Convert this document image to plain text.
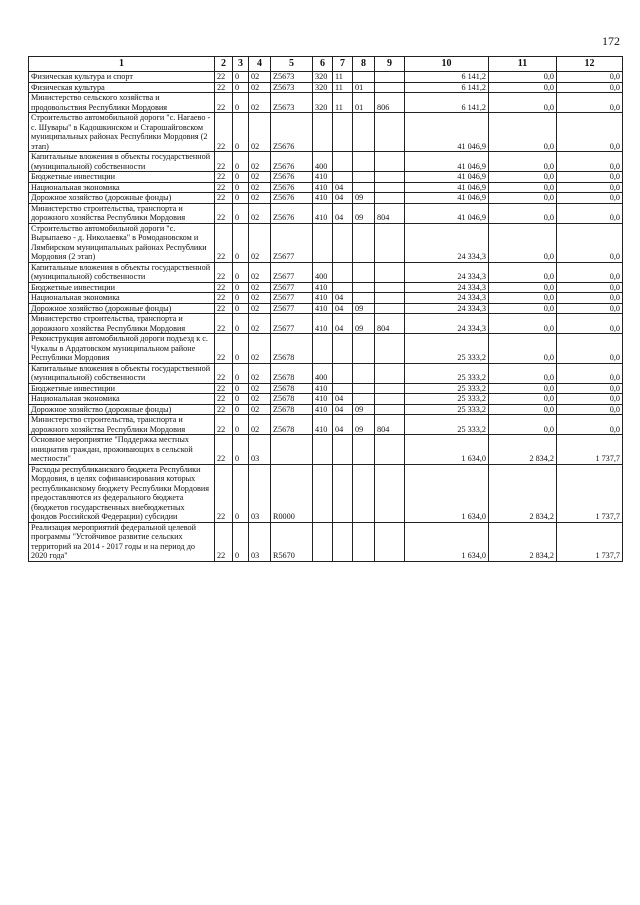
172
1	2	3	4	5	6	7	8	9	10	11	12
Физическая культура и спорт	22	0	02	Z5673	320	11			6 141,2	0,0	0,0
Физическая культура	22	0	02	Z5673	320	11	01		6 141,2	0,0	0,0
Министерство сельского хозяйства и продовольствия Республики Мордовия	22	0	02	Z5673	320	11	01	806	6 141,2	0,0	0,0
Строительство автомобильной дороги "с. Нагаево - с. Шувары" в Кадошкинском и Старошайговском муниципальных районах Республики Мордовия (2 этап)	22	0	02	Z5676					41 046,9	0,0	0,0
Капитальные вложения в объекты государственной (муниципальной) собственности	22	0	02	Z5676	400				41 046,9	0,0	0,0
Бюджетные инвестиции	22	0	02	Z5676	410				41 046,9	0,0	0,0
Национальная экономика	22	0	02	Z5676	410	04			41 046,9	0,0	0,0
Дорожное хозяйство (дорожные фонды)	22	0	02	Z5676	410	04	09		41 046,9	0,0	0,0
Министерство строительства, транспорта и дорожного хозяйства Республики Мордовия	22	0	02	Z5676	410	04	09	804	41 046,9	0,0	0,0
Строительство автомобильной дороги "с. Вырыпаево - д. Николаевка" в Ромодановском и Лямбирском муниципальных районах Республики Мордовия (2 этап)	22	0	02	Z5677					24 334,3	0,0	0,0
Капитальные вложения в объекты государственной (муниципальной) собственности	22	0	02	Z5677	400				24 334,3	0,0	0,0
Бюджетные инвестиции	22	0	02	Z5677	410				24 334,3	0,0	0,0
Национальная экономика	22	0	02	Z5677	410	04			24 334,3	0,0	0,0
Дорожное хозяйство (дорожные фонды)	22	0	02	Z5677	410	04	09		24 334,3	0,0	0,0
Министерство строительства, транспорта и дорожного хозяйства Республики Мордовия	22	0	02	Z5677	410	04	09	804	24 334,3	0,0	0,0
Реконструкция автомобильной дороги подъезд к с. Чукалы в Ардатовском муниципальном районе Республики Мордовия	22	0	02	Z5678					25 333,2	0,0	0,0
Капитальные вложения в объекты государственной (муниципальной) собственности	22	0	02	Z5678	400				25 333,2	0,0	0,0
Бюджетные инвестиции	22	0	02	Z5678	410				25 333,2	0,0	0,0
Национальная экономика	22	0	02	Z5678	410	04			25 333,2	0,0	0,0
Дорожное хозяйство (дорожные фонды)	22	0	02	Z5678	410	04	09		25 333,2	0,0	0,0
Министерство строительства, транспорта и дорожного хозяйства Республики Мордовия	22	0	02	Z5678	410	04	09	804	25 333,2	0,0	0,0
Основное мероприятие "Поддержка местных инициатив граждан, проживающих в сельской местности"	22	0	03						1 634,0	2 834,2	1 737,7
Расходы республиканского бюджета Республики Мордовия, в целях софинансирования которых республиканскому бюджету Республики Мордовия предоставляются из федерального бюджета (бюджетов государственных внебюджетных фондов Российской Федерации) субсидии	22	0	03	R0000					1 634,0	2 834,2	1 737,7
Реализация мероприятий федеральной целевой программы "Устойчивое развитие сельских территорий на 2014 - 2017 годы и на период до 2020 года"	22	0	03	R5670					1 634,0	2 834,2	1 737,7
